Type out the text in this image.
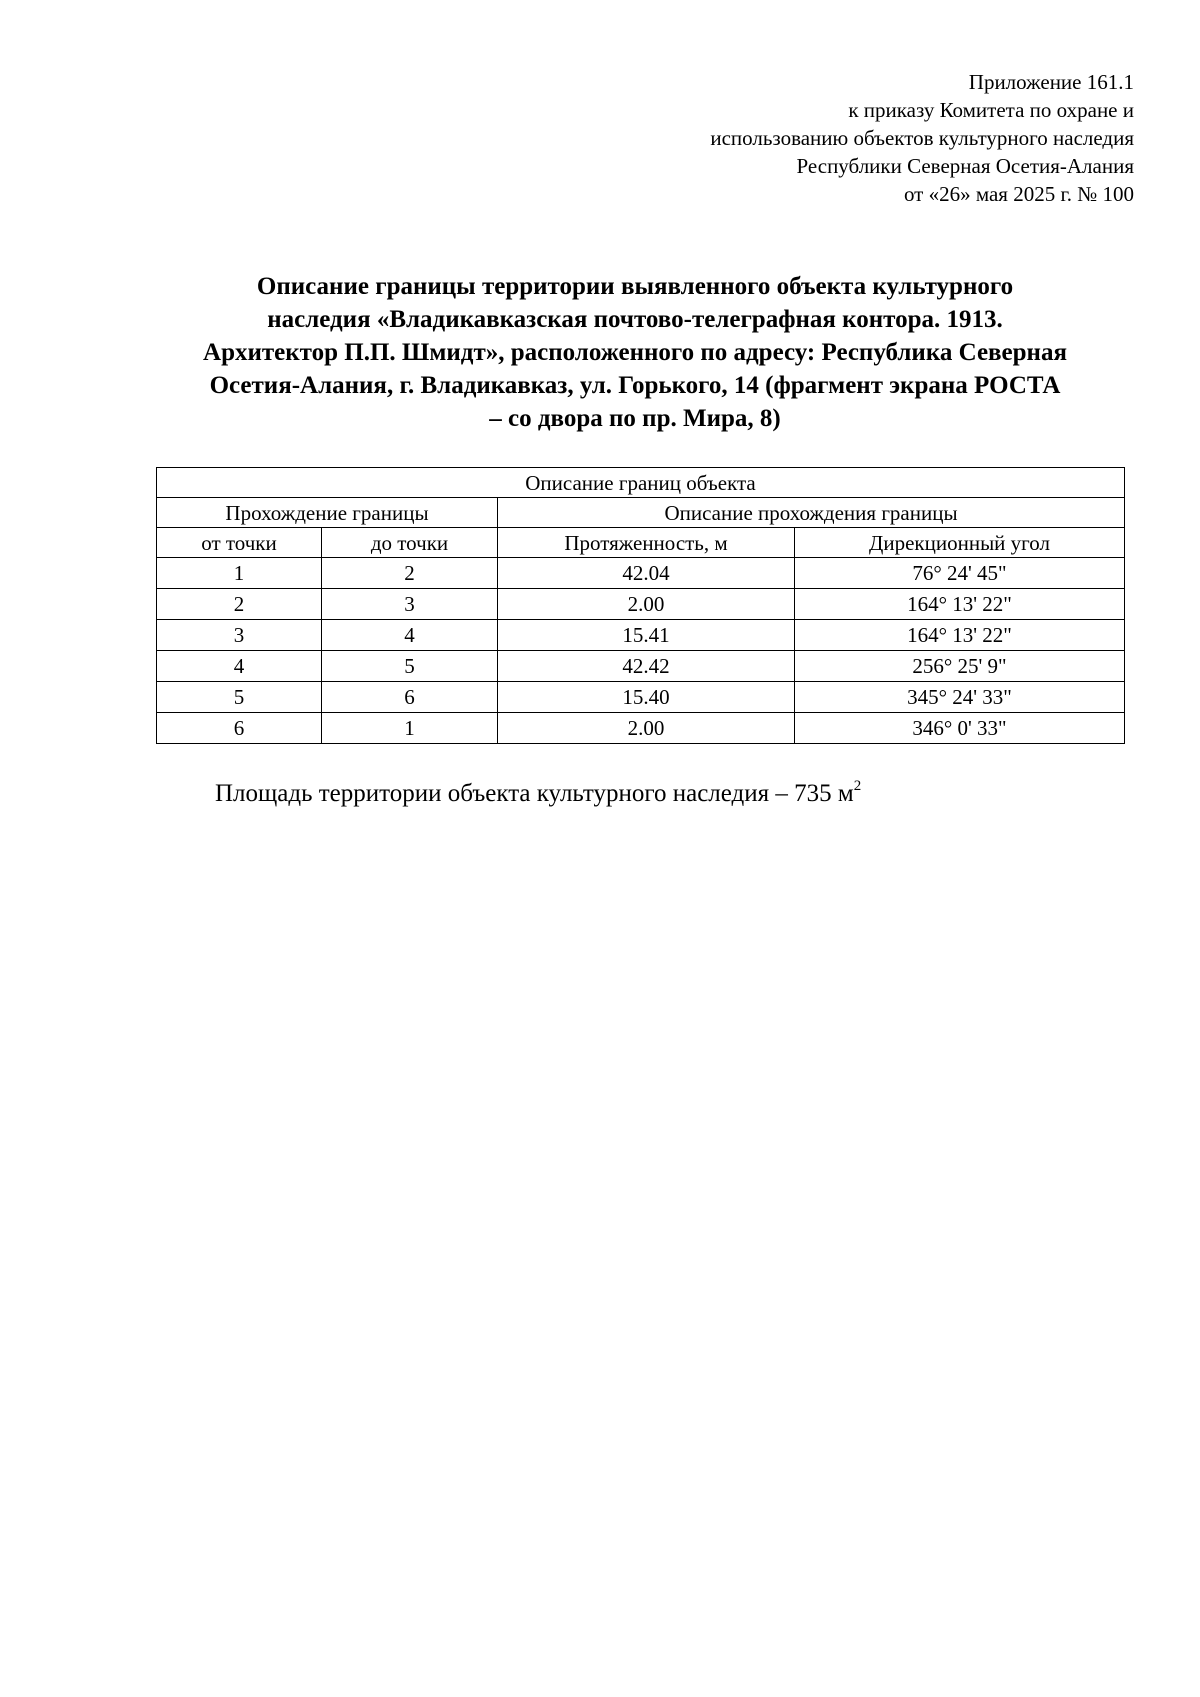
Приложение 161.1
к приказу Комитета по охране и
использованию объектов культурного наследия
Республики Северная Осетия-Алания
от «26» мая 2025 г. № 100
Описание границы территории выявленного объекта культурного
наследия «Владикавказская почтово-телеграфная контора. 1913.
Архитектор П.П. Шмидт», расположенного по адресу: Республика Северная
Осетия-Алания, г. Владикавказ, ул. Горького, 14 (фрагмент экрана РОСТА
– со двора по пр. Мира, 8)
Описание границ объекта			
Прохождение границы		Описание прохождения границы	
от точки	до точки	Протяженность, м	Дирекционный угол
1	2	42.04	76° 24' 45"
2	3	2.00	164° 13' 22"
3	4	15.41	164° 13' 22"
4	5	42.42	256° 25' 9"
5	6	15.40	345° 24' 33"
6	1	2.00	346° 0' 33"
Площадь территории объекта культурного наследия – 735 $м^2$
